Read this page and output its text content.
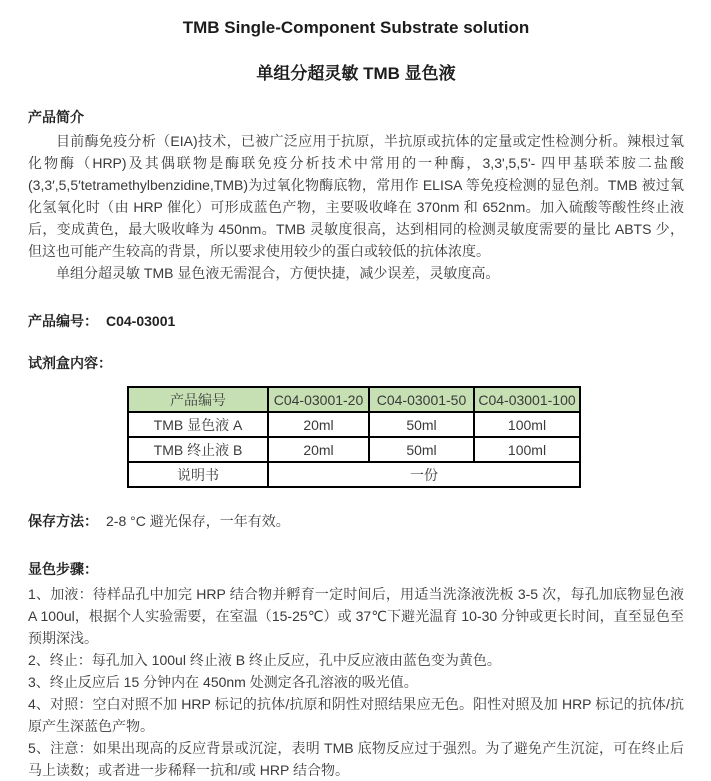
TMB Single-Component Substrate solution
单组分超灵敏 TMB 显色液
产品简介

目前酶免疫分析（EIA)技术，已被广泛应用于抗原，半抗原或抗体的定量或定性检测分析。辣根过氧化物酶（HRP)及其偶联物是酶联免疫分析技术中常用的一种酶，3,3',5,5'- 四甲基联苯胺二盐酸(3,3′,5,5′tetramethylbenzidine,TMB)为过氧化物酶底物，常用作 ELISA 等免疫检测的显色剂。TMB 被过氧化氢氧化时（由 HRP 催化）可形成蓝色产物，主要吸收峰在 370nm 和 652nm。加入硫酸等酸性终止液后，变成黄色，最大吸收峰为 450nm。TMB 灵敏度很高，达到相同的检测灵敏度需要的量比 ABTS 少，但这也可能产生较高的背景，所以要求使用较少的蛋白或较低的抗体浓度。

单组分超灵敏 TMB 显色液无需混合，方便快捷，减少误差，灵敏度高。

产品编号： C04-03001
试剂盒内容：
产品编号	C04-03001-20	C04-03001-50	C04-03001-100
TMB 显色液 A	20ml	50ml	100ml
TMB 终止液 B	20ml	50ml	100ml
说明书	一份		
保存方法： 2-8 °C 避光保存，一年有效。
显色步骤：

1、加液：待样品孔中加完 HRP 结合物并孵育一定时间后，用适当洗涤液洗板 3-5 次，每孔加底物显色液 A 100ul，根据个人实验需要，在室温（15-25℃）或 37℃下避光温育 10-30 分钟或更长时间，直至显色至预期深浅。

2、终止：每孔加入 100ul 终止液 B 终止反应，孔中反应液由蓝色变为黄色。

3、终止反应后 15 分钟内在 450nm 处测定各孔溶液的吸光值。

4、对照：空白对照不加 HRP 标记的抗体/抗原和阴性对照结果应无色。阳性对照及加 HRP 标记的抗体/抗原产生深蓝色产物。

5、注意：如果出现高的反应背景或沉淀，表明 TMB 底物反应过于强烈。为了避免产生沉淀，可在终止后马上读数；或者进一步稀释一抗和/或 HRP 结合物。
